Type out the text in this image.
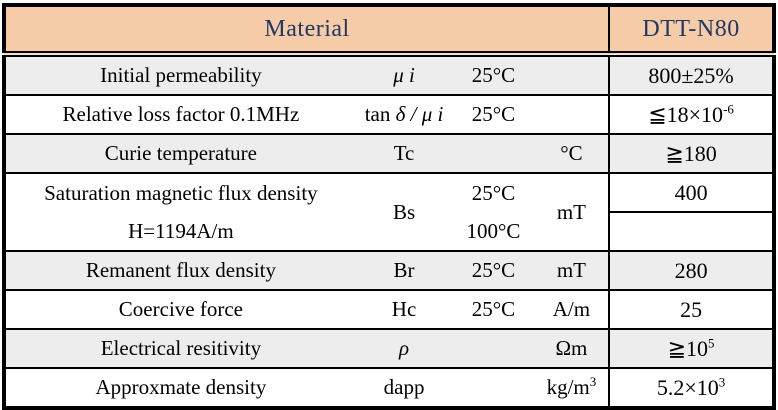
Material				DTT-N80
Initial permeability	μ i	25°C		800±25%
Relative loss factor 0.1MHz	tan δ / μ i	25°C		$≦18\times 10^{-6}$
Curie temperature	Tc		°C	≧180

Saturation magnetic flux density
H=1194A/m	Bs	25°C	mT	400
		100°C		
Remanent flux density	Br	25°C	mT	280
Coercive force	Hc	25°C	A/m	25
Electrical resitivity	ρ		Ωm	$≧10^5$
Approxmate density	dapp		$kg/m^3$	$5.2\times 10^3$
